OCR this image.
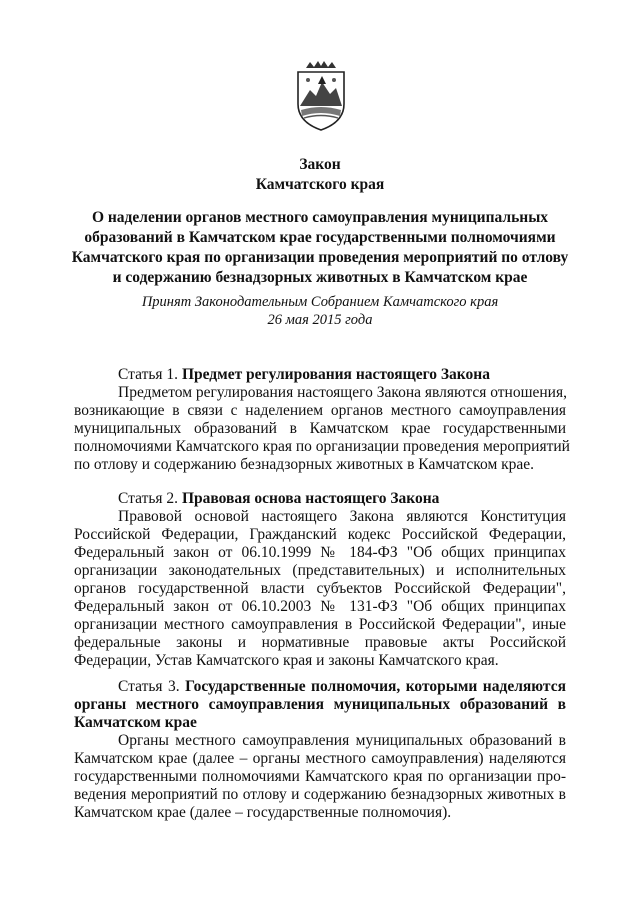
Закон
Камчатского края
О наделении органов местного самоуправления муниципальных
образований в Камчатском крае государственными полномочиями
Камчатского края по организации проведения мероприятий по отлову
и содержанию безнадзорных животных в Камчатском крае
Принят Законодательным Собранием Камчатского края
26 мая 2015 года
Статья 1. Предмет регулирования настоящего Закона
Предметом регулирования настоящего Закона являются отношения,
возникающие в связи с наделением органов местного самоуправления
муниципальных образований в Камчатском крае государственными
полномочиями Камчатского края по организации проведения мероприятий
по отлову и содержанию безнадзорных животных в Камчатском крае.
Статья 2. Правовая основа настоящего Закона
Правовой основой настоящего Закона являются Конституция
Российской Федерации, Гражданский кодекс Российской Федерации,
Федеральный закон от 06.10.1999 № 184-ФЗ "Об общих принципах
организации законодательных (представительных) и исполнительных
органов государственной власти субъектов Российской Федерации",
Федеральный закон от 06.10.2003 № 131-ФЗ "Об общих принципах
организации местного самоуправления в Российской Федерации", иные
федеральные законы и нормативные правовые акты Российской
Федерации, Устав Камчатского края и законы Камчатского края.
Статья 3. Государственные полномочия, которыми наделяются
органы местного самоуправления муниципальных образований в
Камчатском крае
Органы местного самоуправления муниципальных образований в
Камчатском крае (далее – органы местного самоуправления) наделяются
государственными полномочиями Камчатского края по организации про-
ведения мероприятий по отлову и содержанию безнадзорных животных в
Камчатском крае (далее – государственные полномочия).
